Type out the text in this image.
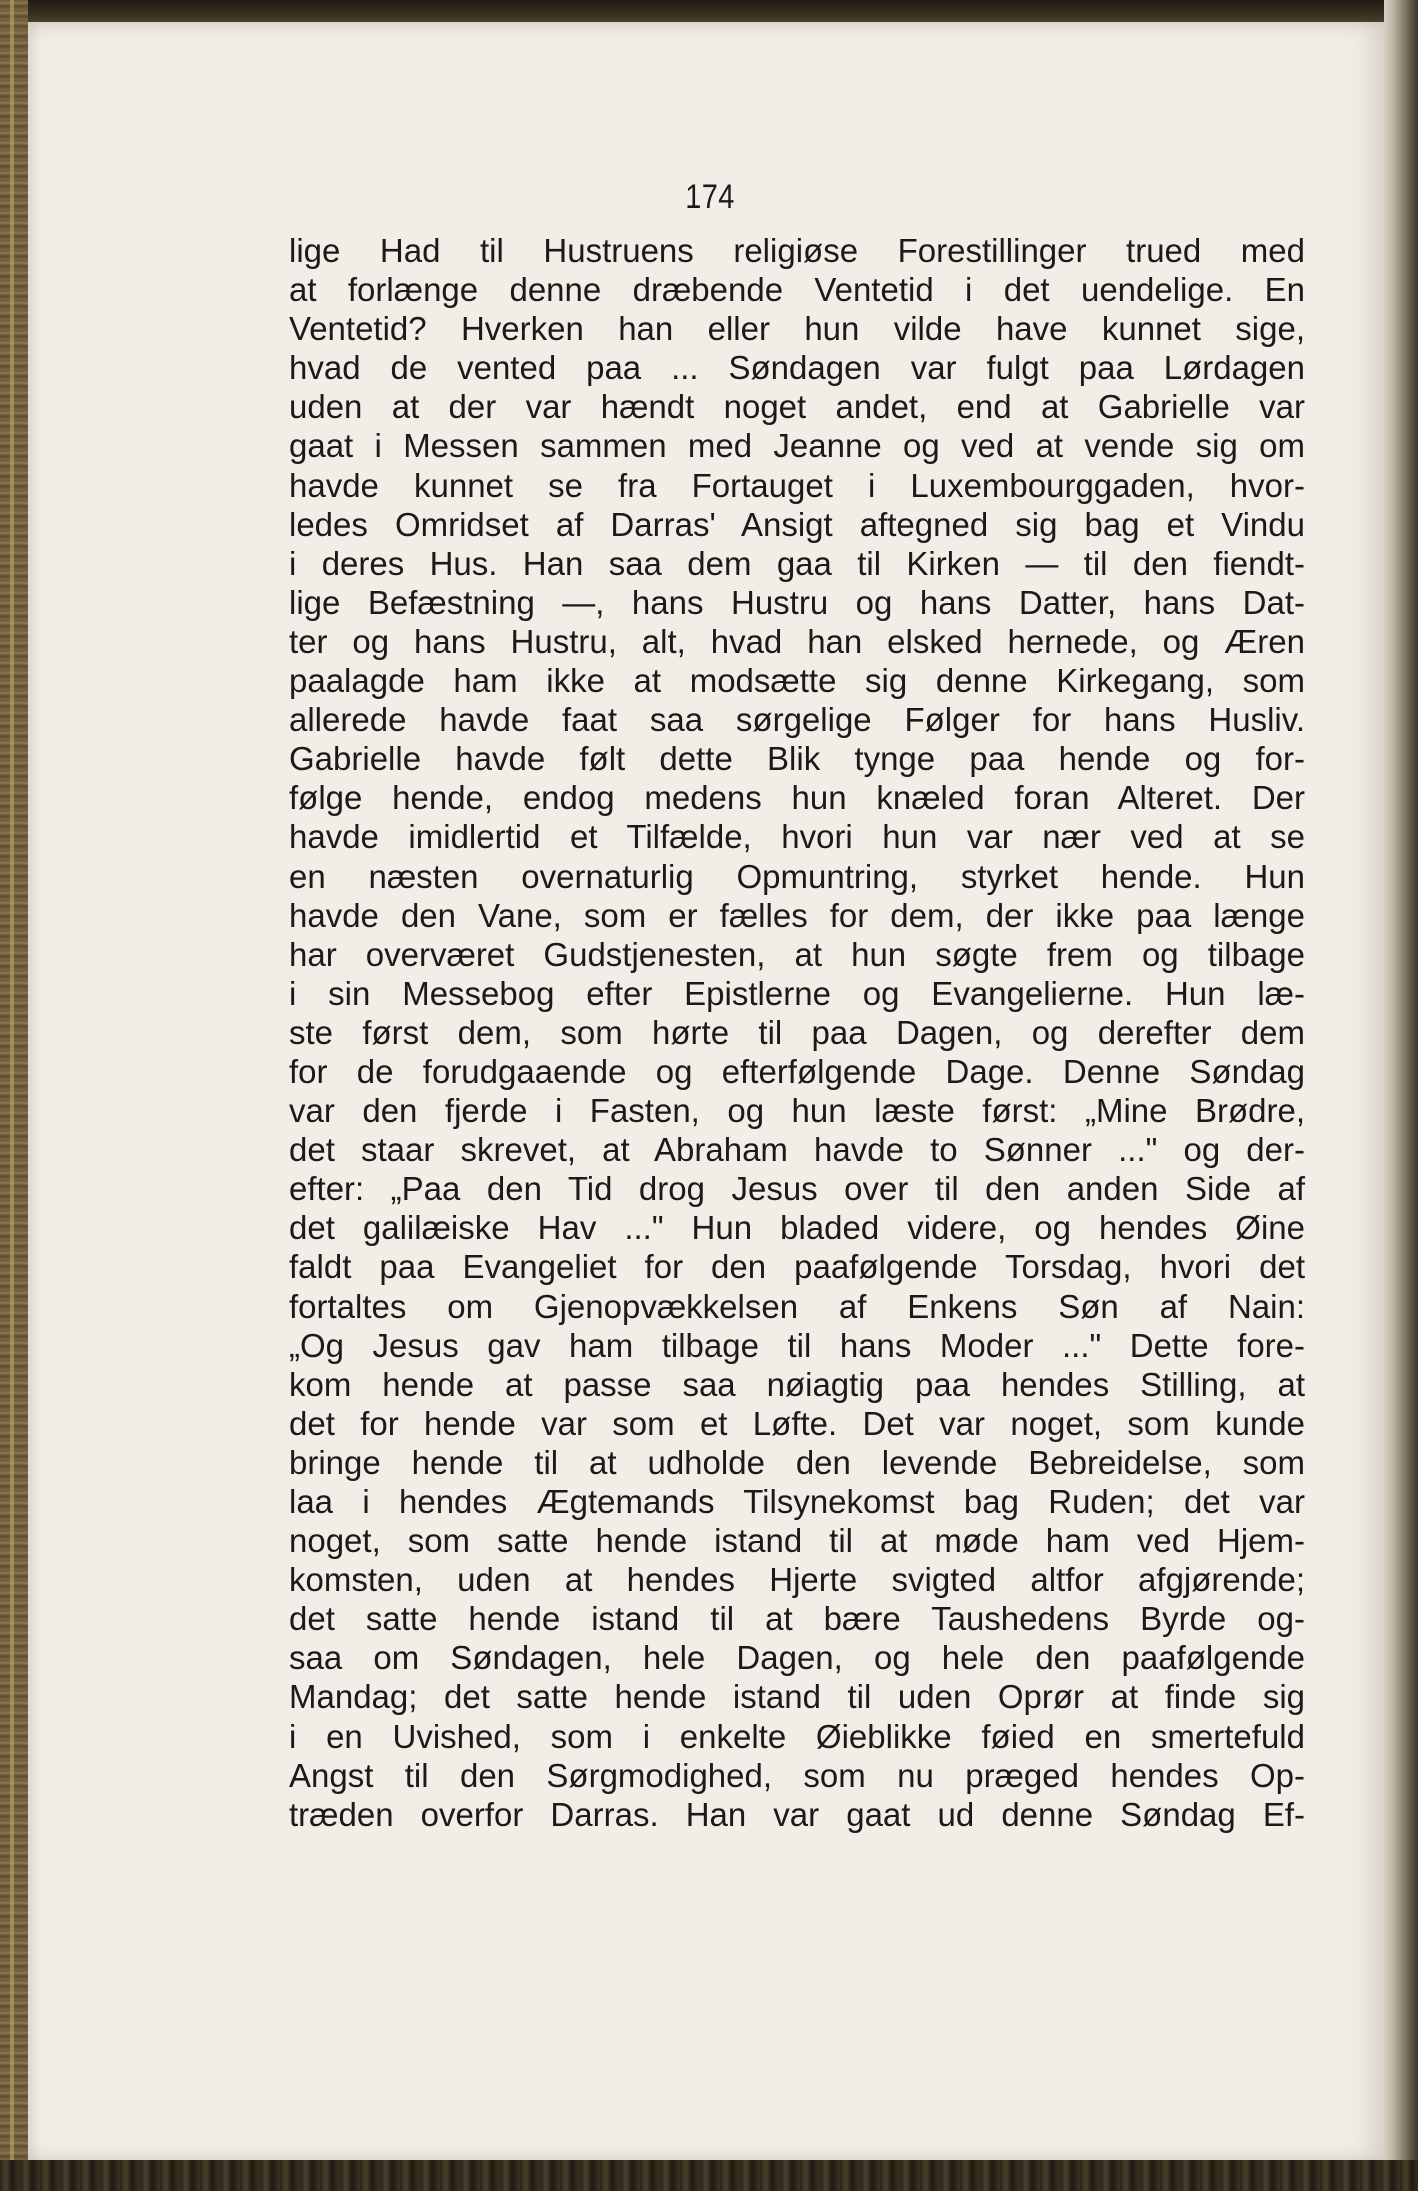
174
lige Had til Hustruens religiøse Forestillinger trued med
at forlænge denne dræbende Ventetid i det uendelige. En
Ventetid? Hverken han eller hun vilde have kunnet sige,
hvad de vented paa ... Søndagen var fulgt paa Lørdagen
uden at der var hændt noget andet, end at Gabrielle var
gaat i Messen sammen med Jeanne og ved at vende sig om
havde kunnet se fra Fortauget i Luxembourggaden, hvor-
ledes Omridset af Darras' Ansigt aftegned sig bag et Vindu
i deres Hus. Han saa dem gaa til Kirken — til den fiendt-
lige Befæstning —, hans Hustru og hans Datter, hans Dat-
ter og hans Hustru, alt, hvad han elsked hernede, og Æren
paalagde ham ikke at modsætte sig denne Kirkegang, som
allerede havde faat saa sørgelige Følger for hans Husliv.
Gabrielle havde følt dette Blik tynge paa hende og for-
følge hende, endog medens hun knæled foran Alteret. Der
havde imidlertid et Tilfælde, hvori hun var nær ved at se
en næsten overnaturlig Opmuntring, styrket hende. Hun
havde den Vane, som er fælles for dem, der ikke paa længe
har overværet Gudstjenesten, at hun søgte frem og tilbage
i sin Messebog efter Epistlerne og Evangelierne. Hun læ-
ste først dem, som hørte til paa Dagen, og derefter dem
for de forudgaaende og efterfølgende Dage. Denne Søndag
var den fjerde i Fasten, og hun læste først: „Mine Brødre,
det staar skrevet, at Abraham havde to Sønner ..." og der-
efter: „Paa den Tid drog Jesus over til den anden Side af
det galilæiske Hav ..." Hun bladed videre, og hendes Øine
faldt paa Evangeliet for den paafølgende Torsdag, hvori det
fortaltes om Gjenopvækkelsen af Enkens Søn af Nain:
„Og Jesus gav ham tilbage til hans Moder ..." Dette fore-
kom hende at passe saa nøiagtig paa hendes Stilling, at
det for hende var som et Løfte. Det var noget, som kunde
bringe hende til at udholde den levende Bebreidelse, som
laa i hendes Ægtemands Tilsynekomst bag Ruden; det var
noget, som satte hende istand til at møde ham ved Hjem-
komsten, uden at hendes Hjerte svigted altfor afgjørende;
det satte hende istand til at bære Taushedens Byrde og-
saa om Søndagen, hele Dagen, og hele den paafølgende
Mandag; det satte hende istand til uden Oprør at finde sig
i en Uvished, som i enkelte Øieblikke føied en smertefuld
Angst til den Sørgmodighed, som nu præged hendes Op-
træden overfor Darras. Han var gaat ud denne Søndag Ef-
